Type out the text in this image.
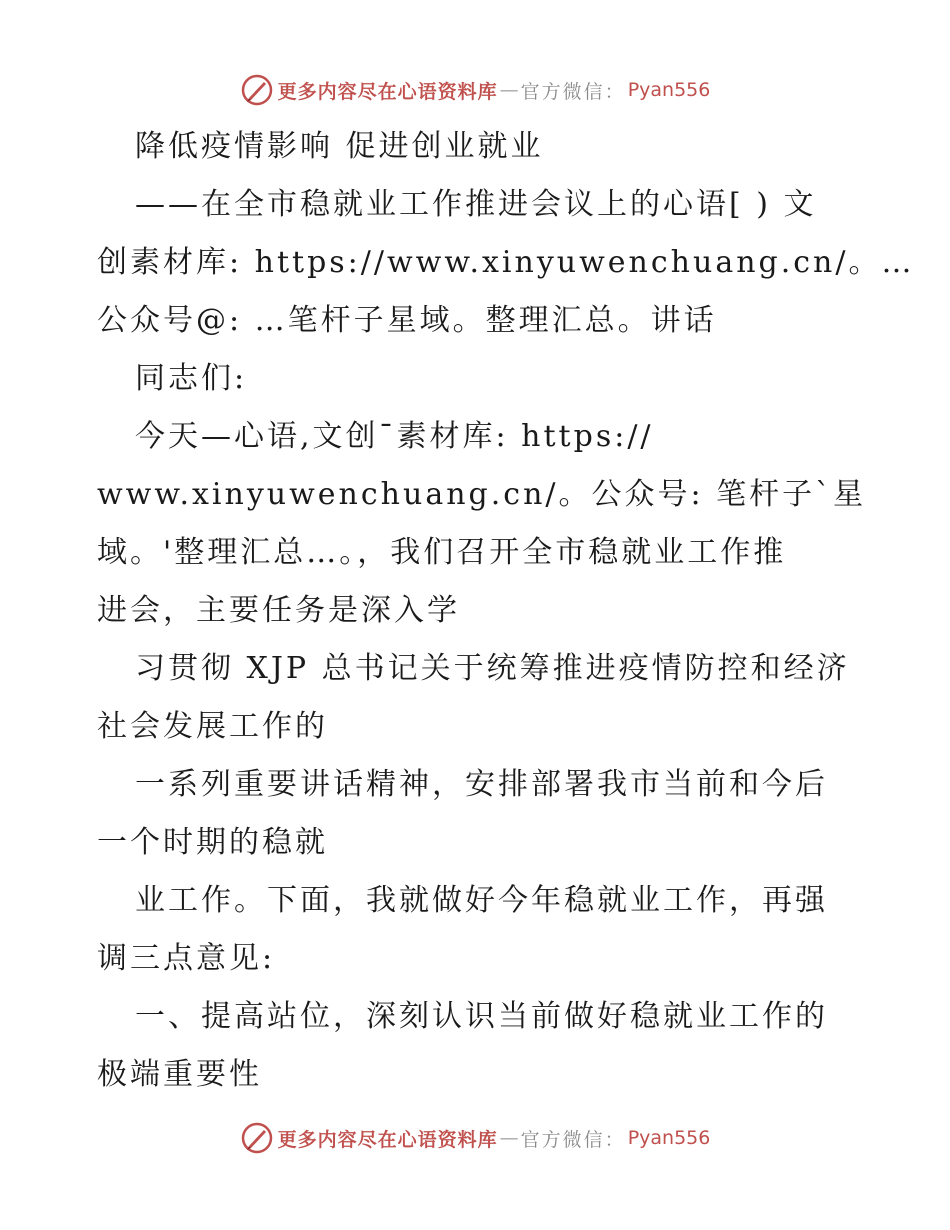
更多内容尽在心语资料库 — 官方微信： Pyan556

降低疫情影响 促进创业就业

——在全市稳就业工作推进会议上的心语[ ) 文

创素材库: https://www.xinyuwenchuang.cn/。…

公众号@: …笔杆子星域。整理汇总。讲话

同志们:

今天—心语,文创¯素材库: https://

www.xinyuwenchuang.cn/。公众号: 笔杆子`星

域。'整理汇总…。，我们召开全市稳就业工作推

进会，主要任务是深入学

习贯彻 XJP 总书记关于统筹推进疫情防控和经济

社会发展工作的

一系列重要讲话精神，安排部署我市当前和今后

一个时期的稳就

业工作。下面，我就做好今年稳就业工作，再强

调三点意见:

一、提高站位，深刻认识当前做好稳就业工作的

极端重要性

更多内容尽在心语资料库 — 官方微信： Pyan556
